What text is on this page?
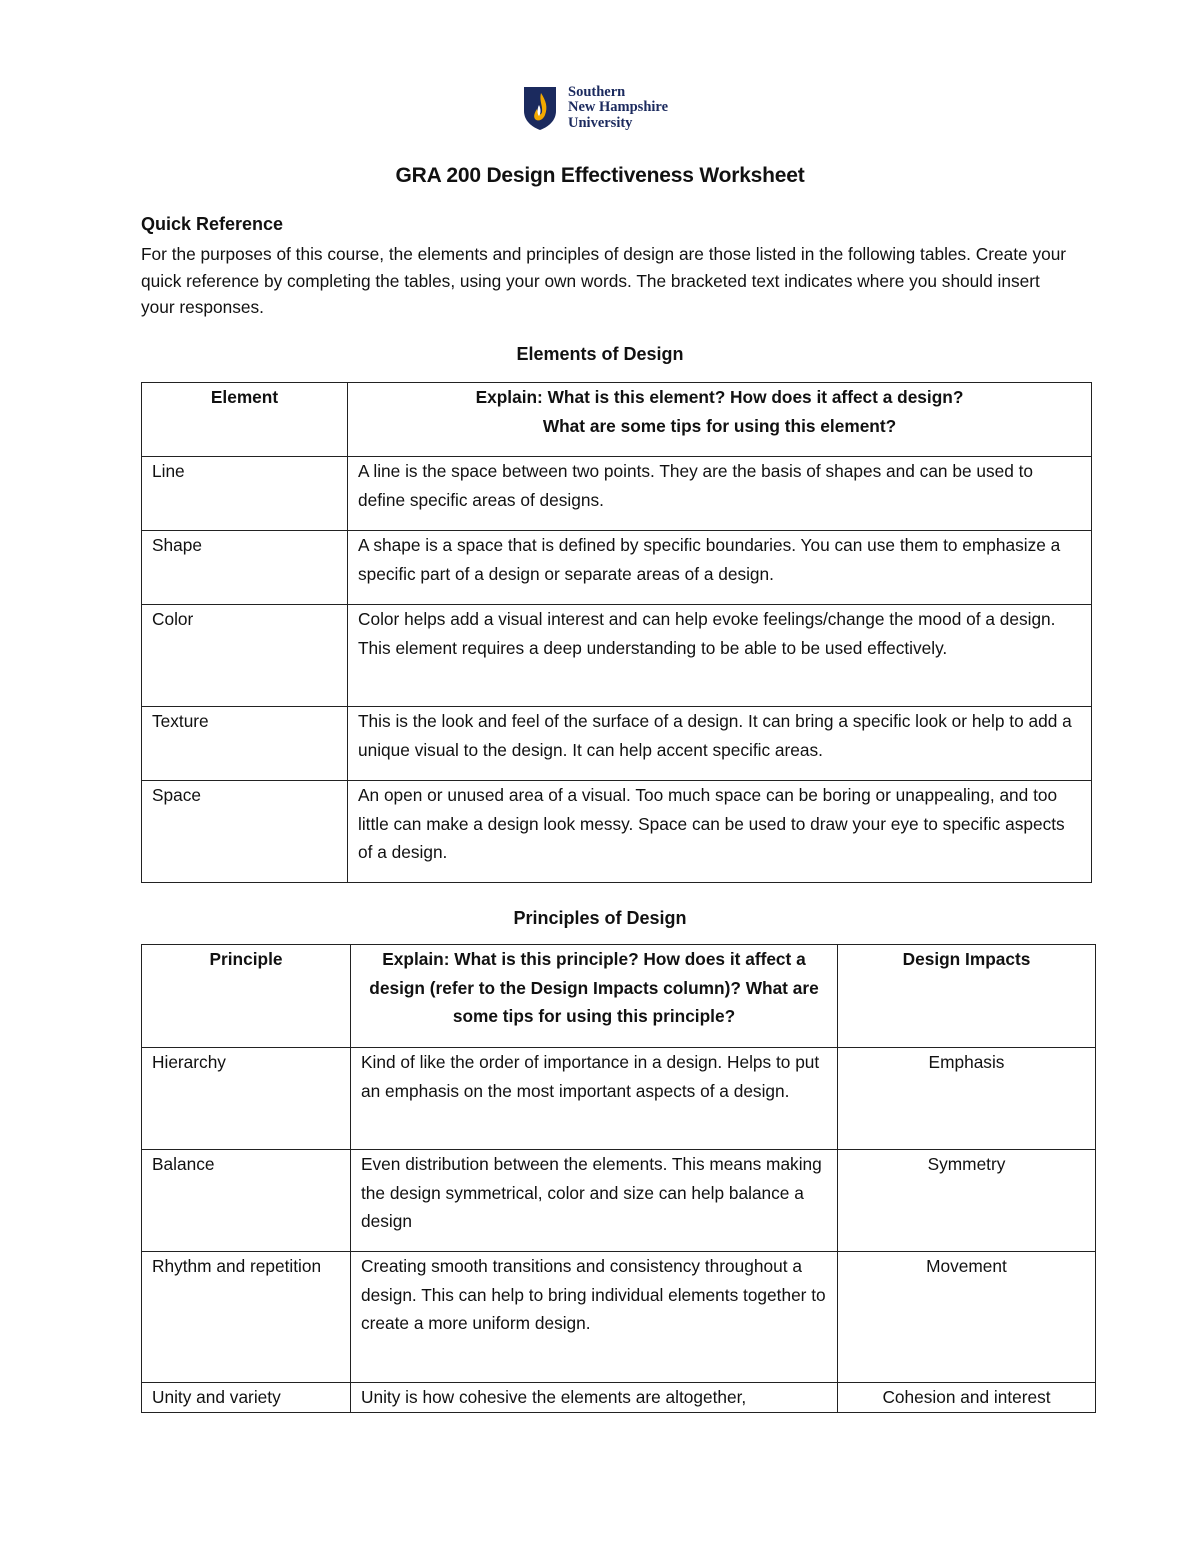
Southern
New Hampshire
University
GRA 200 Design Effectiveness Worksheet
Quick Reference
For the purposes of this course, the elements and principles of design are those listed in the following tables. Create your quick reference by completing the tables, using your own words. The bracketed text indicates where you should insert your responses.
Elements of Design
Element	Explain: What is this element? How does it affect a design?
What are some tips for using this element?

Line	A line is the space between two points. They are the basis of shapes and can be used to define specific areas of designs.
Shape	A shape is a space that is defined by specific boundaries. You can use them to emphasize a specific part of a design or separate areas of a design.
Color	Color helps add a visual interest and can help evoke feelings/change the mood of a design. This element requires a deep understanding to be able to be used effectively.
Texture	This is the look and feel of the surface of a design. It can bring a specific look or help to add a unique visual to the design. It can help accent specific areas.
Space	An open or unused area of a visual. Too much space can be boring or unappealing, and too little can make a design look messy. Space can be used to draw your eye to specific aspects of a design.
Principles of Design
Principle	Explain: What is this principle? How does it affect a design (refer to the Design Impacts column)? What are some tips for using this principle?	Design Impacts
Hierarchy	Kind of like the order of importance in a design. Helps to put an emphasis on the most important aspects of a design.	Emphasis
Balance	Even distribution between the elements. This means making the design symmetrical, color and size can help balance a design	Symmetry
Rhythm and repetition	Creating smooth transitions and consistency throughout a design. This can help to bring individual elements together to create a more uniform design.	Movement
Unity and variety	Unity is how cohesive the elements are altogether,	Cohesion and interest
